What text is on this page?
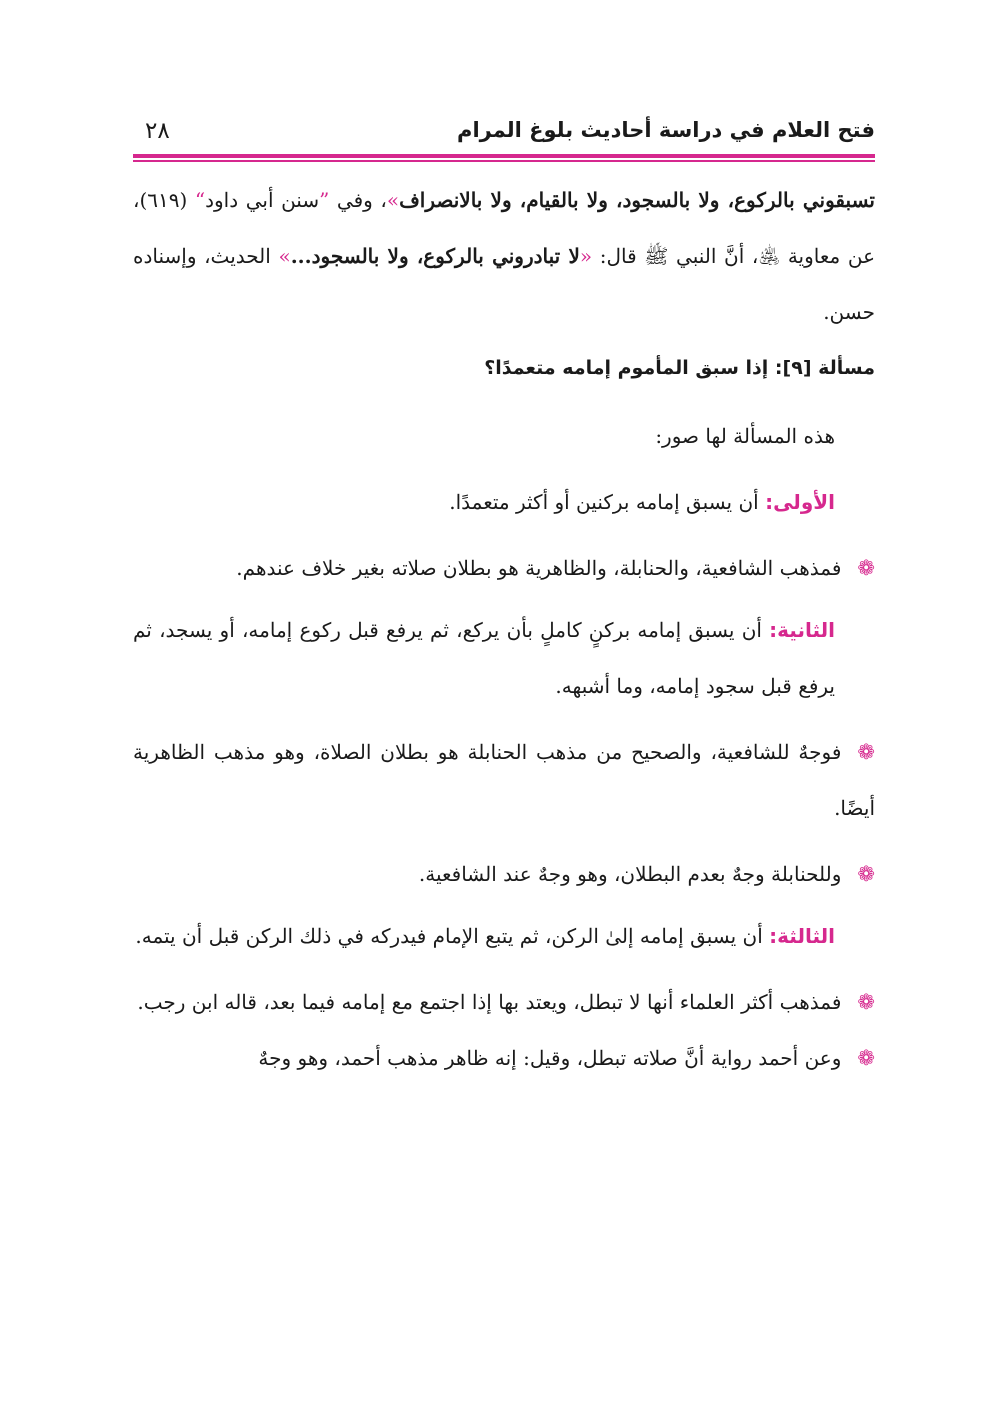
فتح العلام في دراسة أحاديث بلوغ المرام
٢٨

تسبقوني بالركوع، ولا بالسجود، ولا بالقيام، ولا بالانصراف»، وفي ”سنن أبي داود“ (٦١٩)، عن معاوية ﵁، أنَّ النبي ﷺ قال: «لا تبادروني بالركوع، ولا بالسجود...» الحديث، وإسناده حسن.

مسألة [٩]: إذا سبق المأموم إمامه متعمدًا؟

هذه المسألة لها صور:

الأولى: أن يسبق إمامه بركنين أو أكثر متعمدًا.

❁فمذهب الشافعية، والحنابلة، والظاهرية هو بطلان صلاته بغير خلاف عندهم.

الثانية: أن يسبق إمامه بركنٍ كاملٍ بأن يركع، ثم يرفع قبل ركوع إمامه، أو يسجد، ثم يرفع قبل سجود إمامه، وما أشبهه.

❁فوجهٌ للشافعية، والصحيح من مذهب الحنابلة هو بطلان الصلاة، وهو مذهب الظاهرية أيضًا.

❁وللحنابلة وجهٌ بعدم البطلان، وهو وجهٌ عند الشافعية.

الثالثة: أن يسبق إمامه إلىٰ الركن، ثم يتبع الإمام فيدركه في ذلك الركن قبل أن يتمه.

❁فمذهب أكثر العلماء أنها لا تبطل، ويعتد بها إذا اجتمع مع إمامه فيما بعد، قاله ابن رجب.

❁وعن أحمد رواية أنَّ صلاته تبطل، وقيل: إنه ظاهر مذهب أحمد، وهو وجهٌ
